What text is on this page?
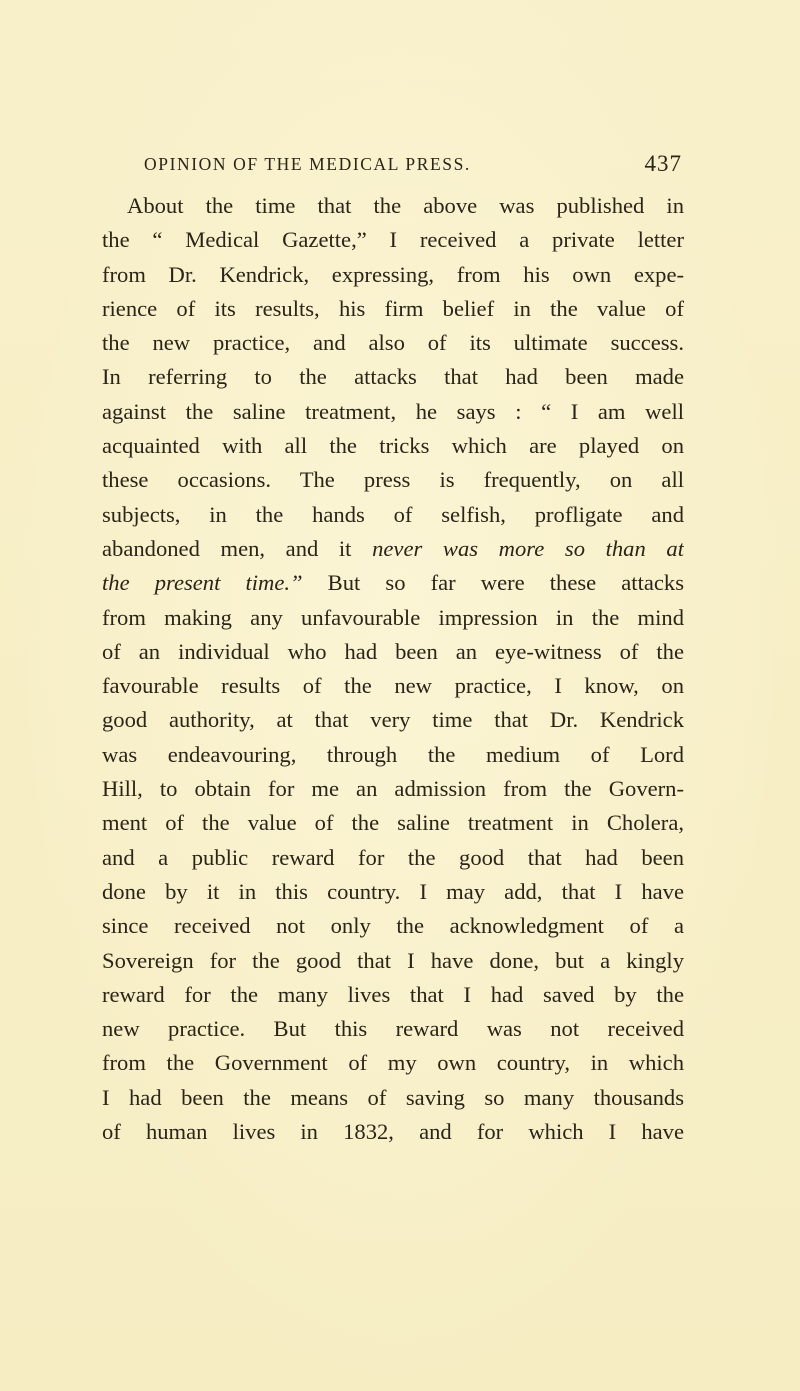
OPINION OF THE MEDICAL PRESS.	437
About the time that the above was published in
the “ Medical Gazette,” I received a private letter
from Dr. Kendrick, expressing, from his own expe-
rience of its results, his firm belief in the value of
the new practice, and also of its ultimate success.
In referring to the attacks that had been made
against the saline treatment, he says : “ I am well
acquainted with all the tricks which are played on
these occasions. The press is frequently, on all
subjects, in the hands of selfish, profligate and
abandoned men, and it never was more so than at
the present time.” But so far were these attacks
from making any unfavourable impression in the mind
of an individual who had been an eye-witness of the
favourable results of the new practice, I know, on
good authority, at that very time that Dr. Kendrick
was endeavouring, through the medium of Lord
Hill, to obtain for me an admission from the Govern-
ment of the value of the saline treatment in Cholera,
and a public reward for the good that had been
done by it in this country. I may add, that I have
since received not only the acknowledgment of a
Sovereign for the good that I have done, but a kingly
reward for the many lives that I had saved by the
new practice. But this reward was not received
from the Government of my own country, in which
I had been the means of saving so many thousands
of human lives in 1832, and for which I have
